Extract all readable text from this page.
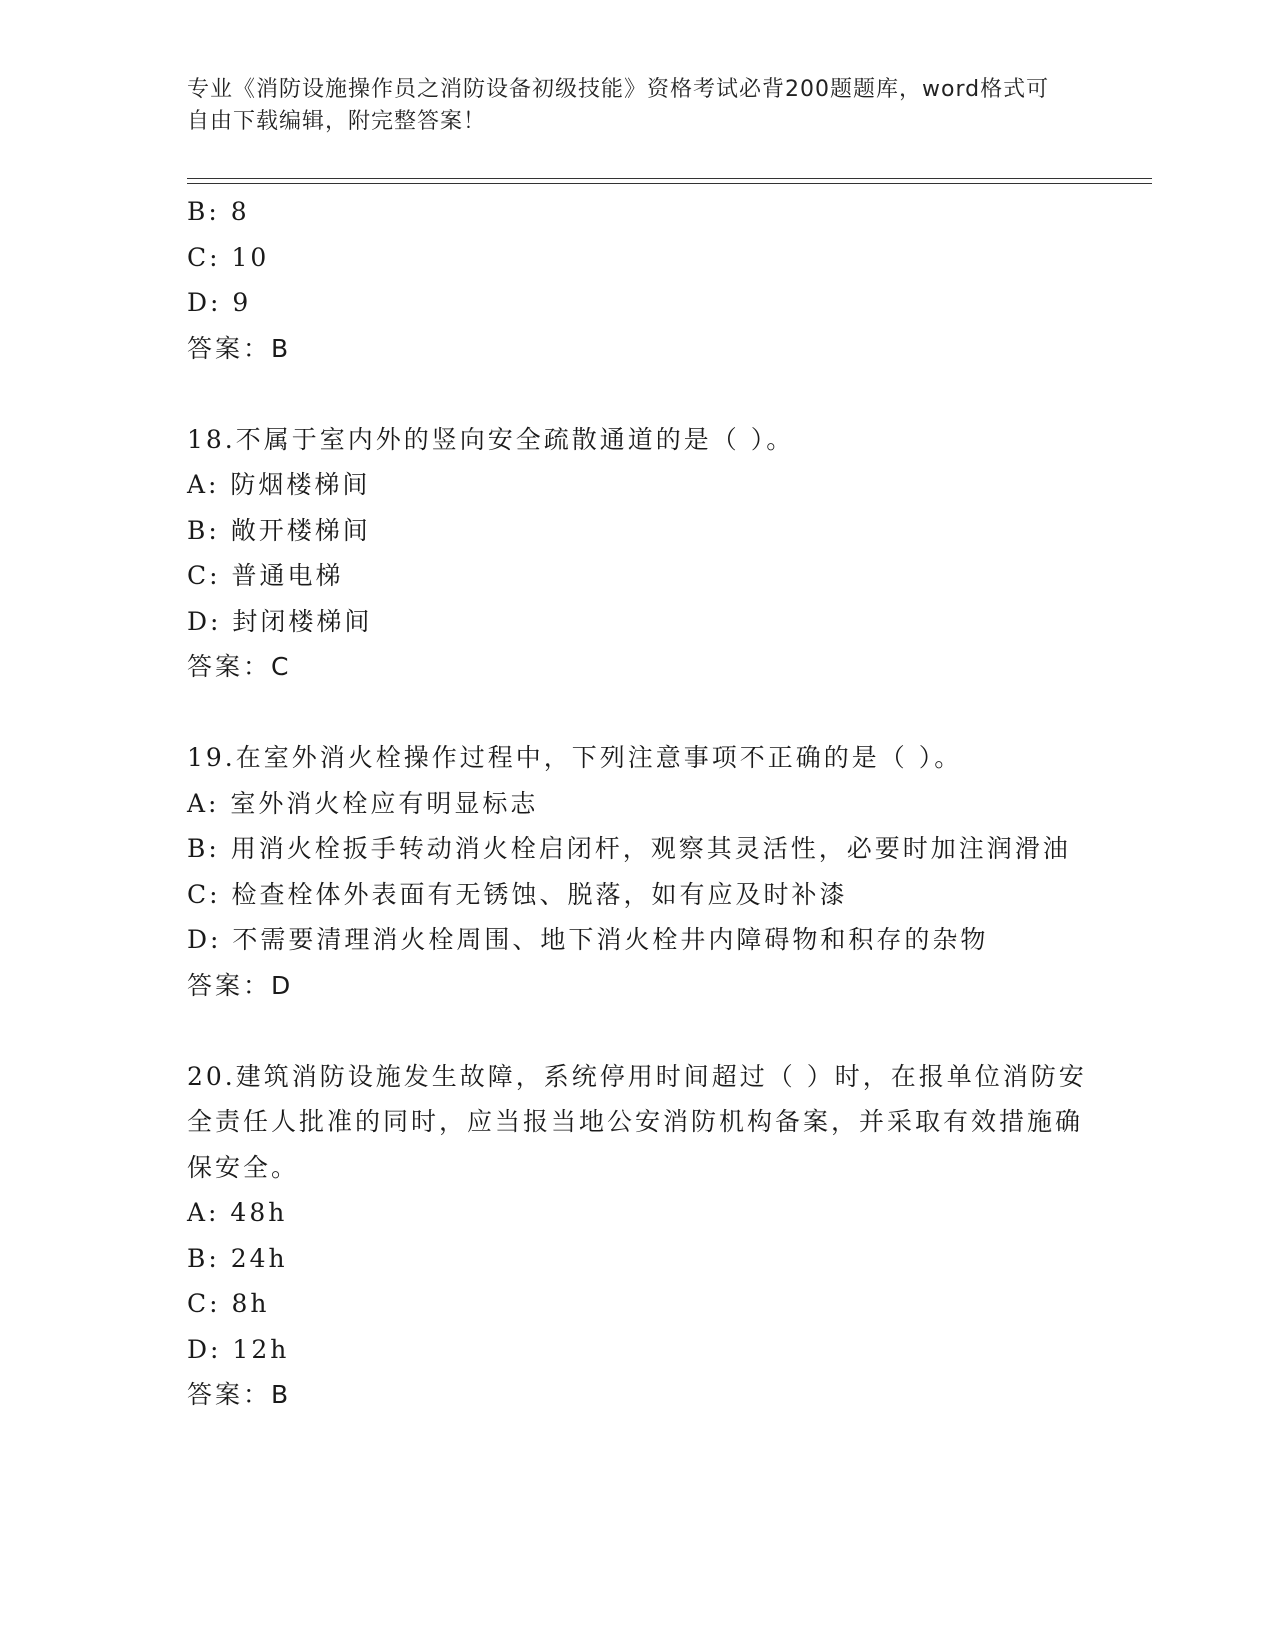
专业《消防设施操作员之消防设备初级技能》资格考试必背200题题库，word格式可自由下载编辑，附完整答案！

B: 8

C: 10

D: 9

答案：B

18.不属于室内外的竖向安全疏散通道的是（ ）。

A: 防烟楼梯间

B: 敞开楼梯间

C: 普通电梯

D: 封闭楼梯间

答案：C

19.在室外消火栓操作过程中，下列注意事项不正确的是（ ）。

A: 室外消火栓应有明显标志

B: 用消火栓扳手转动消火栓启闭杆，观察其灵活性，必要时加注润滑油

C: 检查栓体外表面有无锈蚀、脱落，如有应及时补漆

D: 不需要清理消火栓周围、地下消火栓井内障碍物和积存的杂物

答案：D

20.建筑消防设施发生故障，系统停用时间超过（ ）时，在报单位消防安全责任人批准的同时，应当报当地公安消防机构备案，并采取有效措施确保安全。

A: 48h

B: 24h

C: 8h

D: 12h

答案：B
